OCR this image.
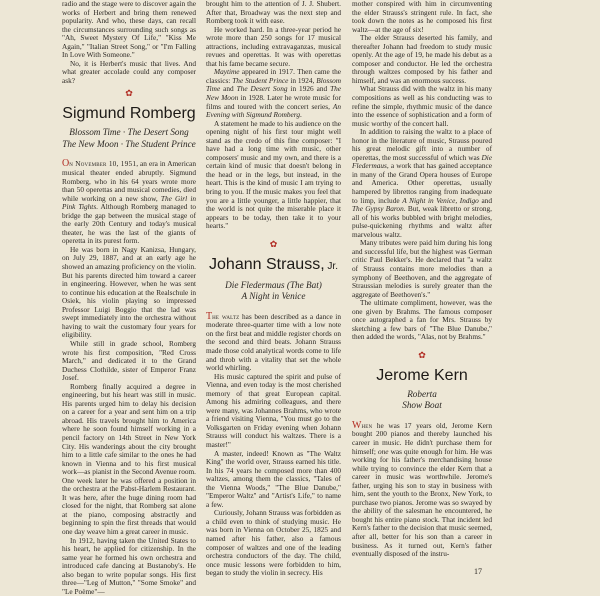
radio and the stage were to discover again the works of Herbert and bring them renewed popularity. And who, these days, can recall the circumstances surrounding such songs as "Ah, Sweet Mystery Of Life," "Kiss Me Again," "Italian Street Song," or "I'm Falling In Love With Someone."

No, it is Herbert's music that lives. And what greater accolade could any composer ask?

✿
Sigmund Romberg
Blossom Time · The Desert Song
The New Moon · The Student Prince

On November 10, 1951, an era in American musical theater ended abruptly. Sigmund Romberg, who in his 64 years wrote more than 50 operettas and musical comedies, died while working on a new show, The Girl in Pink Tights. Although Romberg managed to bridge the gap between the musical stage of the early 20th Century and today's musical theater, he was the last of the giants of operetta in its purest form.

He was born in Nagy Kanizsa, Hungary, on July 29, 1887, and at an early age he showed an amazing proficiency on the violin. But his parents directed him toward a career in engineering. However, when he was sent to continue his education at the Realschule in Osiek, his violin playing so impressed Professor Luigi Boggio that the lad was swept immediately into the orchestra without having to wait the customary four years for eligibility.

While still in grade school, Romberg wrote his first composition, "Red Cross March," and dedicated it to the Grand Duchess Clothilde, sister of Emperor Franz Josef.

Romberg finally acquired a degree in engineering, but his heart was still in music. His parents urged him to delay his decision on a career for a year and sent him on a trip abroad. His travels brought him to America where he soon found himself working in a pencil factory on 14th Street in New York City. His wanderings about the city brought him to a little cafe similar to the ones he had known in Vienna and to his first musical work—as pianist in the Second Avenue room. One week later he was offered a position in the orchestra at the Pabst-Harlem Restaurant. It was here, after the huge dining room had closed for the night, that Romberg sat alone at the piano, composing abstractly and beginning to spin the first threads that would one day weave him a great career in music.

In 1912, having taken the United States to his heart, he applied for citizenship. In the same year he formed his own orchestra and introduced cafe dancing at Bustanoby's. He also began to write popular songs. His first three—"Leg of Mutton," "Some Smoke" and "Le Poème"—

brought him to the attention of J. J. Shubert. After that, Broadway was the next step and Romberg took it with ease.

He worked hard. In a three-year period he wrote more than 250 songs for 17 musical attractions, including extravaganzas, musical revues and operettas. It was with operettas that his fame became secure.

Maytime appeared in 1917. Then came the classics: The Student Prince in 1924, Blossom Time and The Desert Song in 1926 and The New Moon in 1928. Later he wrote music for films and toured with the concert series, An Evening with Sigmund Romberg.

A statement he made to his audience on the opening night of his first tour might well stand as the credo of this fine composer: "I have had a long time with music, other composers' music and my own, and there is a certain kind of music that doesn't belong in the head or in the legs, but instead, in the heart. This is the kind of music I am trying to bring to you. If the music makes you feel that you are a little younger, a little happier, that the world is not quite the miserable place it appears to be today, then take it to your hearts."

✿
Johann Strauss, Jr.
Die Fledermaus (The Bat)
A Night in Venice

The waltz has been described as a dance in moderate three-quarter time with a low note on the first beat and middle register chords on the second and third beats. Johann Strauss made those cold analytical words come to life and throb with a vitality that set the whole world whirling.

His music captured the spirit and pulse of Vienna, and even today is the most cherished memory of that great European capital. Among his admiring colleagues, and there were many, was Johannes Brahms, who wrote a friend visiting Vienna, "You must go to the Volksgarten on Friday evening when Johann Strauss will conduct his waltzes. There is a master!"

A master, indeed! Known as "The Waltz King" the world over, Strauss earned his title. In his 74 years he composed more than 400 waltzes, among them the classics, "Tales of the Vienna Woods," "The Blue Danube," "Emperor Waltz" and "Artist's Life," to name a few.

Curiously, Johann Strauss was forbidden as a child even to think of studying music. He was born in Vienna on October 25, 1825 and named after his father, also a famous composer of waltzes and one of the leading orchestra conductors of the day. The child, once music lessons were forbidden to him, began to study the violin in secrecy. His

mother conspired with him in circumventing the elder Strauss's stringent rule. In fact, she took down the notes as he composed his first waltz—at the age of six!

The elder Strauss deserted his family, and thereafter Johann had freedom to study music openly. At the age of 19, he made his debut as a composer and conductor. He led the orchestra through waltzes composed by his father and himself, and was an enormous success.

What Strauss did with the waltz in his many compositions as well as his conducting was to refine the simple, rhythmic music of the dance into the essence of sophistication and a form of music worthy of the concert hall.

In addition to raising the waltz to a place of honor in the literature of music, Strauss poured his great melodic gift into a number of operettas, the most successful of which was Die Fledermaus, a work that has gained acceptance in many of the Grand Opera houses of Europe and America. Other operettas, usually hampered by librettos ranging from inadequate to limp, include A Night in Venice, Indigo and The Gypsy Baron. But, weak libretto or strong, all of his works bubbled with bright melodies, pulse-quickening rhythms and waltz after marvelous waltz.

Many tributes were paid him during his long and successful life, but the highest was German critic Paul Bekker's. He declared that "a waltz of Strauss contains more melodies than a symphony of Beethoven, and the aggregate of Straussian melodies is surely greater than the aggregate of Beethoven's."

The ultimate compliment, however, was the one given by Brahms. The famous composer once autographed a fan for Mrs. Strauss by sketching a few bars of "The Blue Danube," then added the words, "Alas, not by Brahms."

✿
Jerome Kern
Roberta
Show Boat

When he was 17 years old, Jerome Kern bought 200 pianos and thereby launched his career in music. He didn't purchase them for himself; one was quite enough for him. He was working for his father's merchandising house while trying to convince the elder Kern that a career in music was worthwhile. Jerome's father, urging his son to stay in business with him, sent the youth to the Bronx, New York, to purchase two pianos. Jerome was so swayed by the ability of the salesman he encountered, he bought his entire piano stock. That incident led Kern's father to the decision that music seemed, after all, better for his son than a career in business. As it turned out, Kern's father eventually disposed of the instru-

17
